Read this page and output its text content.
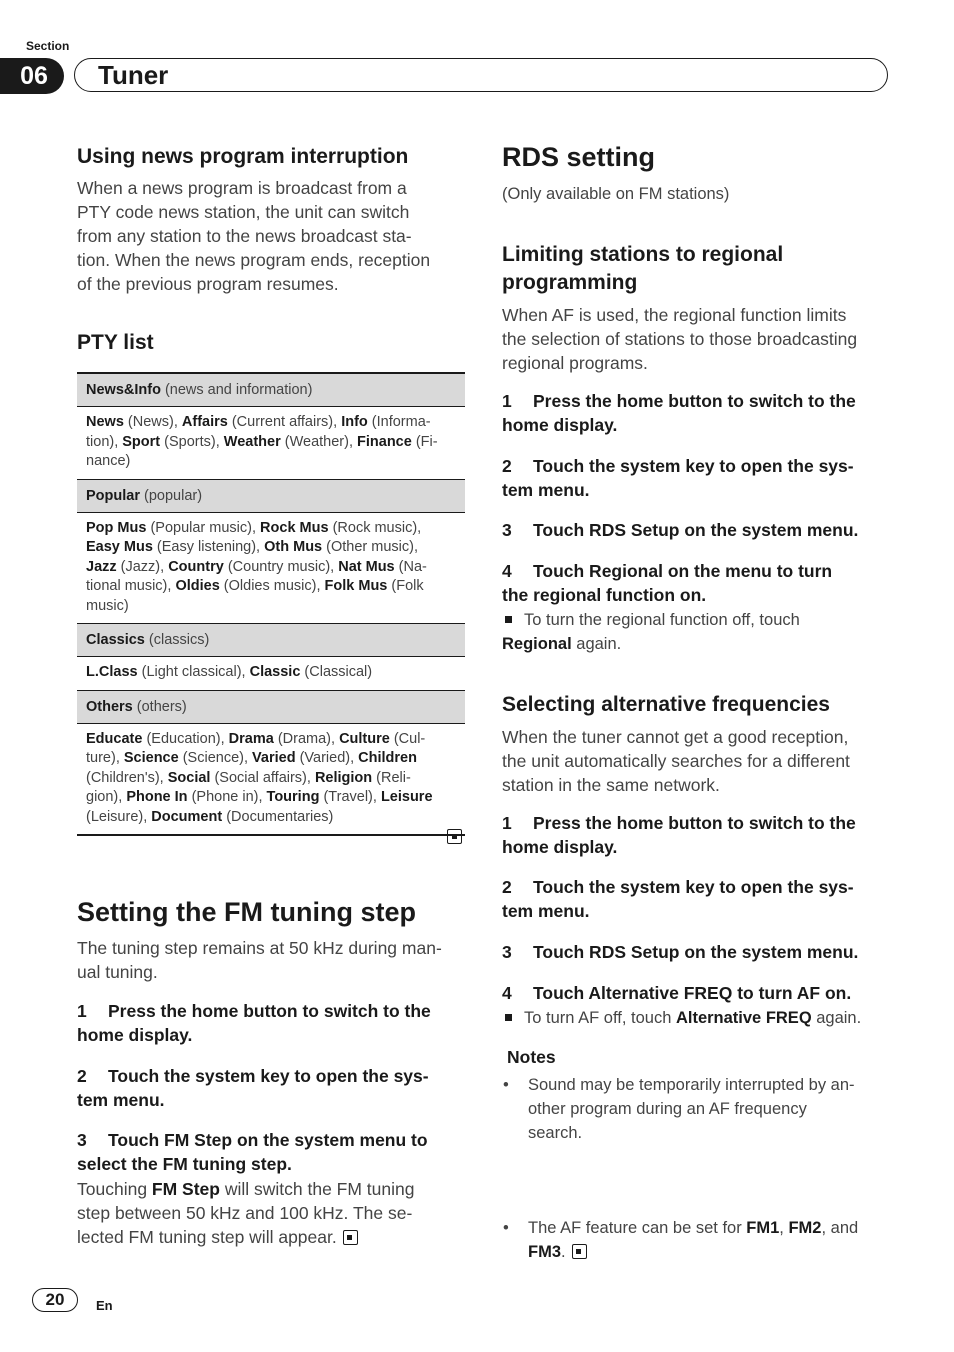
Section
06	Tuner
Using news program interruption
When a news program is broadcast from a
PTY code news station, the unit can switch
from any station to the news broadcast sta-
tion. When the news program ends, reception
of the previous program resumes.
PTY list
News&Info (news and information)
News (News), Affairs (Current affairs), Info (Informa-
tion), Sport (Sports), Weather (Weather), Finance (Fi-
nance)
Popular (popular)
Pop Mus (Popular music), Rock Mus (Rock music),
Easy Mus (Easy listening), Oth Mus (Other music),
Jazz (Jazz), Country (Country music), Nat Mus (Na-
tional music), Oldies (Oldies music), Folk Mus (Folk
music)
Classics (classics)
L.Class (Light classical), Classic (Classical)
Others (others)
Educate (Education), Drama (Drama), Culture (Cul-
ture), Science (Science), Varied (Varied), Children
(Children's), Social (Social affairs), Religion (Reli-
gion), Phone In (Phone in), Touring (Travel), Leisure
(Leisure), Document (Documentaries)
Setting the FM tuning step
The tuning step remains at 50 kHz during man-
ual tuning.
1 Press the home button to switch to the
home display.
2 Touch the system key to open the sys-
tem menu.
3 Touch FM Step on the system menu to
select the FM tuning step.
Touching FM Step will switch the FM tuning
step between 50 kHz and 100 kHz. The se-
lected FM tuning step will appear.
RDS setting
(Only available on FM stations)
Limiting stations to regional
programming
When AF is used, the regional function limits
the selection of stations to those broadcasting
regional programs.
1 Press the home button to switch to the
home display.
2 Touch the system key to open the sys-
tem menu.
3 Touch RDS Setup on the system menu.
4 Touch Regional on the menu to turn
the regional function on.
To turn the regional function off, touch
Regional again.
Selecting alternative frequencies
When the tuner cannot get a good reception,
the unit automatically searches for a different
station in the same network.
1 Press the home button to switch to the
home display.
2 Touch the system key to open the sys-
tem menu.
3 Touch RDS Setup on the system menu.
4 Touch Alternative FREQ to turn AF on.
To turn AF off, touch Alternative FREQ again.
Notes
• Sound may be temporarily interrupted by an-
other program during an AF frequency
search.
• The AF feature can be set for FM1, FM2, and
FM3.
20	En
